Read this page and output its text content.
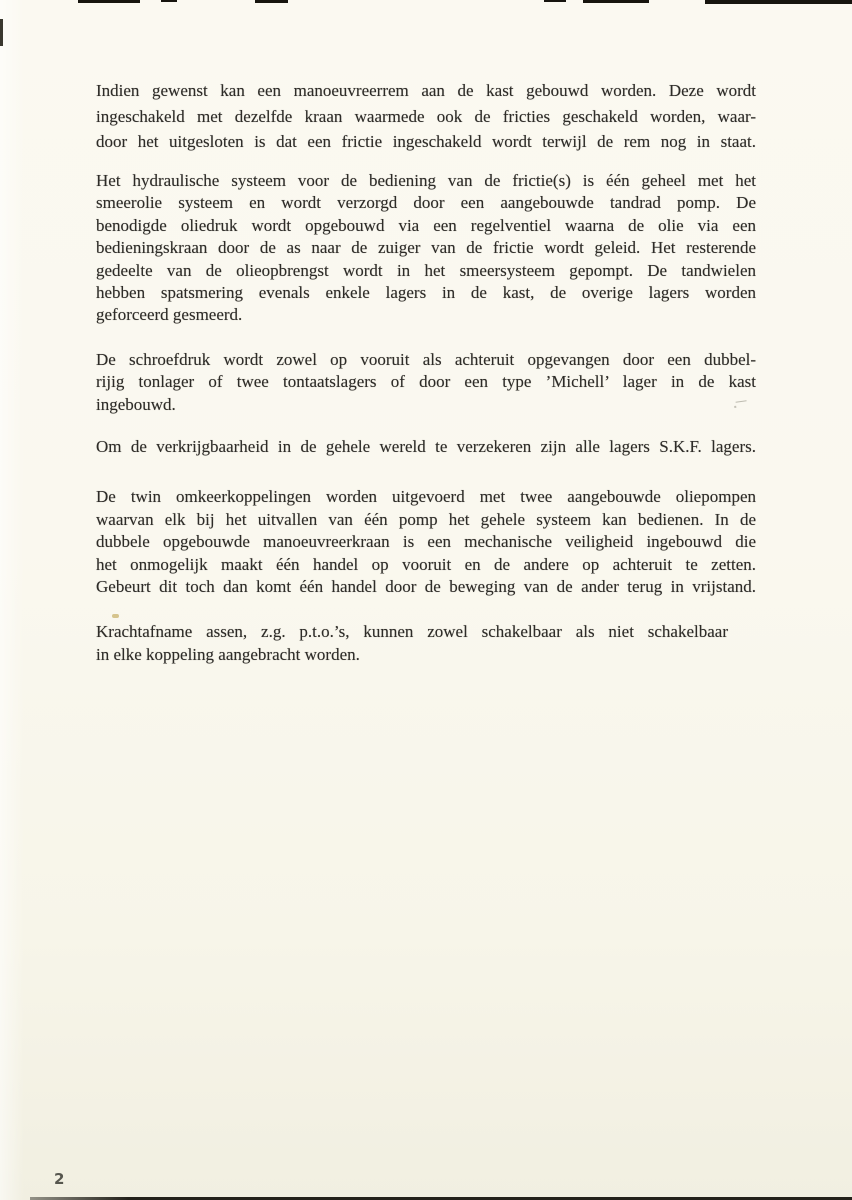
Indien gewenst kan een manoeuvreerrem aan de kast gebouwd worden. Deze wordt
ingeschakeld met dezelfde kraan waarmede ook de fricties geschakeld worden, waar-
door het uitgesloten is dat een frictie ingeschakeld wordt terwijl de rem nog in staat.
Het hydraulische systeem voor de bediening van de frictie(s) is één geheel met het
smeerolie systeem en wordt verzorgd door een aangebouwde tandrad pomp. De
benodigde oliedruk wordt opgebouwd via een regelventiel waarna de olie via een
bedieningskraan door de as naar de zuiger van de frictie wordt geleid. Het resterende
gedeelte van de olieopbrengst wordt in het smeersysteem gepompt. De tandwielen
hebben spatsmering evenals enkele lagers in de kast, de overige lagers worden
geforceerd gesmeerd.
De schroefdruk wordt zowel op vooruit als achteruit opgevangen door een dubbel-
rijig tonlager of twee tontaatslagers of door een type ’Michell’ lager in de kast
ingebouwd.
Om de verkrijgbaarheid in de gehele wereld te verzekeren zijn alle lagers S.K.F. lagers.
De twin omkeerkoppelingen worden uitgevoerd met twee aangebouwde oliepompen
waarvan elk bij het uitvallen van één pomp het gehele systeem kan bedienen. In de
dubbele opgebouwde manoeuvreerkraan is een mechanische veiligheid ingebouwd die
het onmogelijk maakt één handel op vooruit en de andere op achteruit te zetten.
Gebeurt dit toch dan komt één handel door de beweging van de ander terug in vrijstand.
Krachtafname assen, z.g. p.t.o.’s, kunnen zowel schakelbaar als niet schakelbaar
in elke koppeling aangebracht worden.
2
